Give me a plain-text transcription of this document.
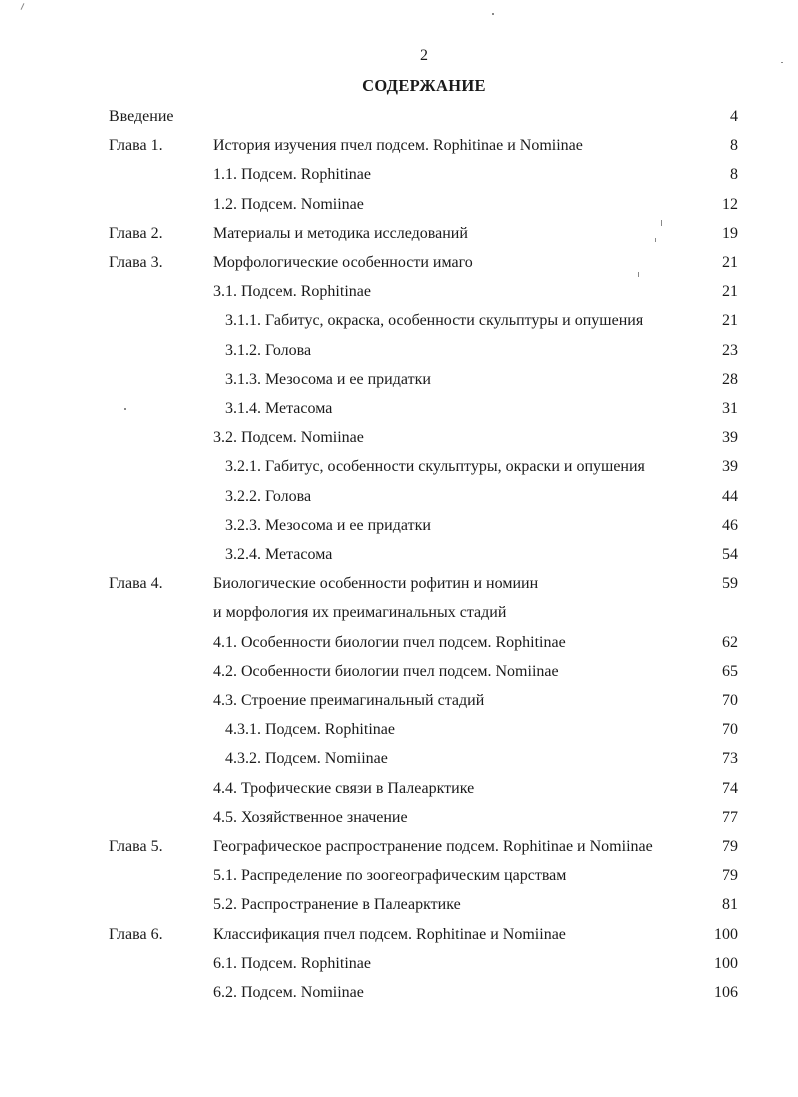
2
СОДЕРЖАНИЕ
Введение	4
Глава 1.	История изучения пчел подсем. Rophitinae и Nomiinae	8
1.1. Подсем. Rophitinae	8
1.2. Подсем. Nomiinae	12
Глава 2.	Материалы и методика исследований	19
Глава 3.	Морфологические особенности имаго	21
3.1. Подсем. Rophitinae	21
3.1.1. Габитус, окраска, особенности скульптуры и опушения	21
3.1.2. Голова	23
3.1.3. Мезосома и ее придатки	28
3.1.4. Метасома	31
3.2. Подсем. Nomiinae	39
3.2.1. Габитус, особенности скульптуры, окраски и опушения	39
3.2.2. Голова	44
3.2.3. Мезосома и ее придатки	46
3.2.4. Метасома	54
Глава 4.	Биологические особенности рофитин и номиин	59
и морфология их преимагинальных стадий
4.1. Особенности биологии пчел подсем. Rophitinae	62
4.2. Особенности биологии пчел подсем. Nomiinae	65
4.3. Строение преимагинальный стадий	70
4.3.1. Подсем. Rophitinae	70
4.3.2. Подсем. Nomiinae	73
4.4. Трофические связи в Палеарктике	74
4.5. Хозяйственное значение	77
Глава 5.	Географическое распространение подсем. Rophitinae и Nomiinae	79
5.1. Распределение по зоогеографическим царствам	79
5.2. Распространение в Палеарктике	81
Глава 6.	Классификация пчел подсем. Rophitinae и Nomiinae	100
6.1. Подсем. Rophitinae	100
6.2. Подсем. Nomiinae	106
